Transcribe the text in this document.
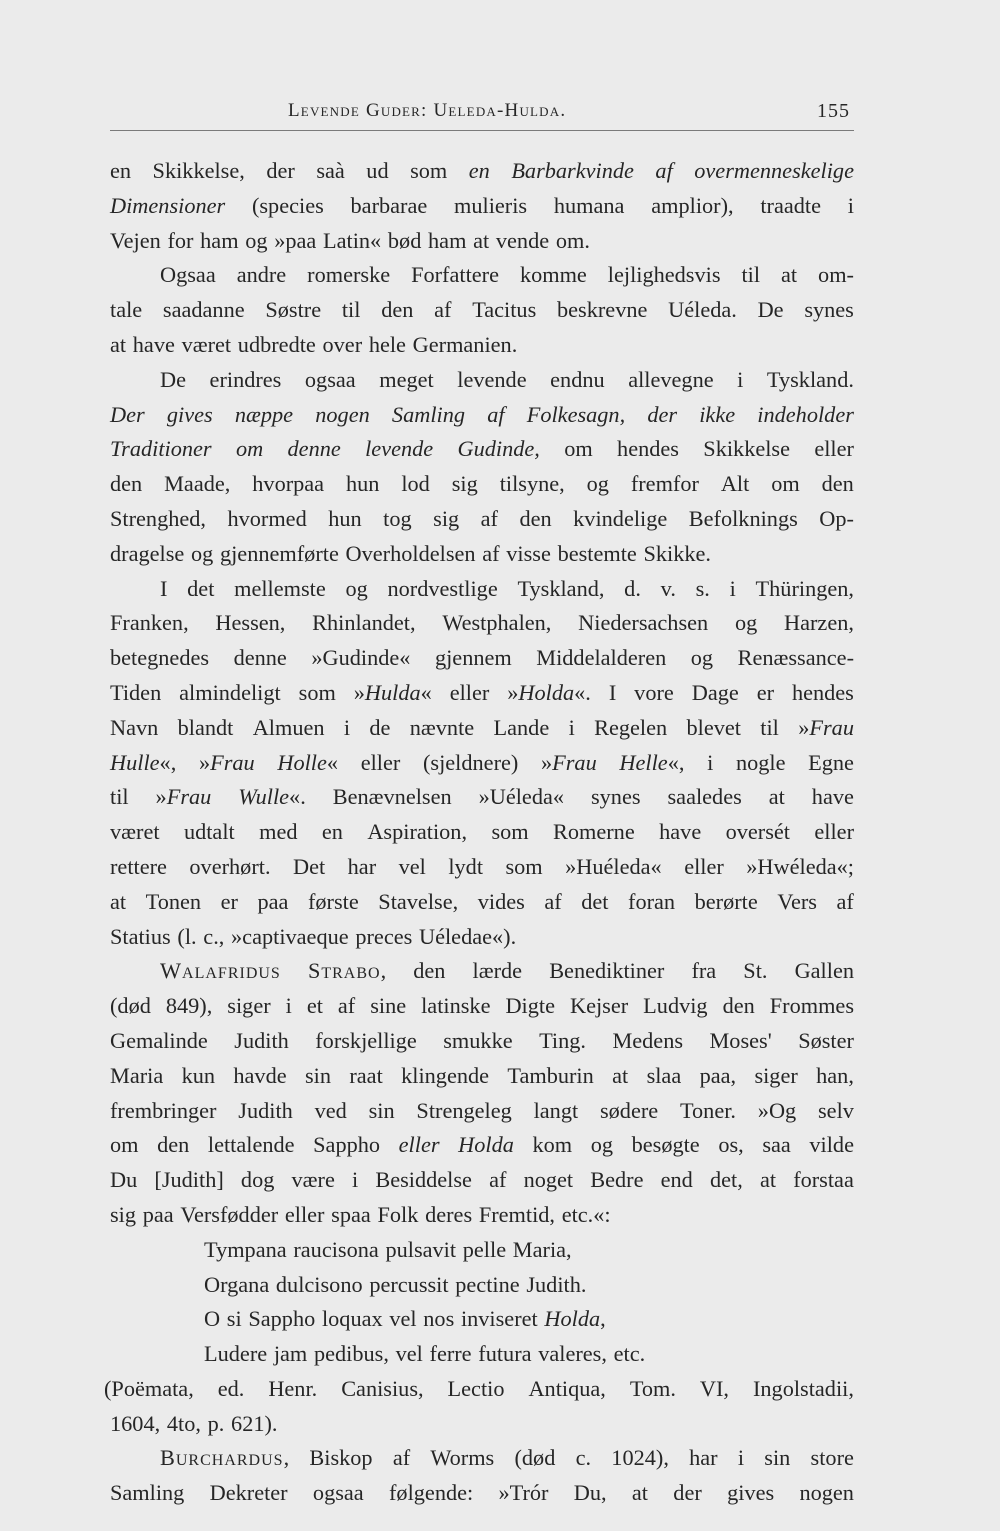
Levende Guder: Ueleda-Hulda.	155
en Skikkelse, der saà ud som en Barbarkvinde af overmenneskelige
Dimensioner (species barbarae mulieris humana amplior), traadte i
Vejen for ham og »paa Latin« bød ham at vende om.
Ogsaa andre romerske Forfattere komme lejlighedsvis til at om-
tale saadanne Søstre til den af Tacitus beskrevne Uéleda. De synes
at have været udbredte over hele Germanien.
De erindres ogsaa meget levende endnu allevegne i Tyskland.
Der gives næppe nogen Samling af Folkesagn, der ikke indeholder
Traditioner om denne levende Gudinde, om hendes Skikkelse eller
den Maade, hvorpaa hun lod sig tilsyne, og fremfor Alt om den
Strenghed, hvormed hun tog sig af den kvindelige Befolknings Op-
dragelse og gjennemførte Overholdelsen af visse bestemte Skikke.
I det mellemste og nordvestlige Tyskland, d. v. s. i Thüringen,
Franken, Hessen, Rhinlandet, Westphalen, Niedersachsen og Harzen,
betegnedes denne »Gudinde« gjennem Middelalderen og Renæssance-
Tiden almindeligt som »Hulda« eller »Holda«. I vore Dage er hendes
Navn blandt Almuen i de nævnte Lande i Regelen blevet til »Frau
Hulle«, »Frau Holle« eller (sjeldnere) »Frau Helle«, i nogle Egne
til »Frau Wulle«. Benævnelsen »Uéleda« synes saaledes at have
været udtalt med en Aspiration, som Romerne have oversét eller
rettere overhørt. Det har vel lydt som »Huéleda« eller »Hwéleda«;
at Tonen er paa første Stavelse, vides af det foran berørte Vers af
Statius (l. c., »captivaeque preces Uéledae«).
Walafridus Strabo, den lærde Benediktiner fra St. Gallen
(død 849), siger i et af sine latinske Digte Kejser Ludvig den Frommes
Gemalinde Judith forskjellige smukke Ting. Medens Moses' Søster
Maria kun havde sin raat klingende Tamburin at slaa paa, siger han,
frembringer Judith ved sin Strengeleg langt sødere Toner. »Og selv
om den lettalende Sappho eller Holda kom og besøgte os, saa vilde
Du [Judith] dog være i Besiddelse af noget Bedre end det, at forstaa
sig paa Versfødder eller spaa Folk deres Fremtid, etc.«:
Tympana raucisona pulsavit pelle Maria,
Organa dulcisono percussit pectine Judith.
O si Sappho loquax vel nos inviseret Holda,
Ludere jam pedibus, vel ferre futura valeres, etc.
(Poëmata, ed. Henr. Canisius, Lectio Antiqua, Tom. VI, Ingolstadii,
1604, 4to, p. 621).
Burchardus, Biskop af Worms (død c. 1024), har i sin store
Samling Dekreter ogsaa følgende: »Trór Du, at der gives nogen
